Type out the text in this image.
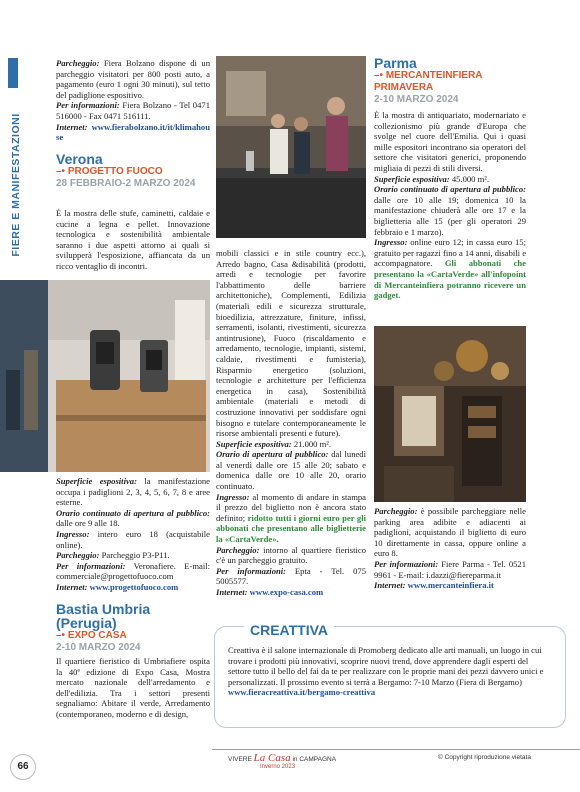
FIERE E MANIFESTAZIONI

Parcheggio: Fiera Bolzano dispone di un parcheggio visitatori per 800 posti auto, a pagamento (euro 1 ogni 30 minuti), sul tetto del padiglione espositivo.

Per informazioni: Fiera Bolzano - Tel 0471 516000 - Fax 0471 516111.

Internet: www.fierabolzano.it/it/klimahouse

Verona
–• PROGETTO FUOCO
28 FEBBRAIO-2 MARZO 2024

È la mostra delle stufe, caminetti, caldaie e cucine a legna e pellet. Innovazione tecnologica e sostenibilità ambientale saranno i due aspetti attorno ai quali si svilupperà l'esposizione, affiancata da un ricco ventaglio di incontri.

Superficie espositiva: la manifestazione occupa i padiglioni 2, 3, 4, 5, 6, 7, 8 e aree esterne.

Orario continuato di apertura al pubblico: dalle ore 9 alle 18.

Ingresso: intero euro 18 (acquistabile online).

Parcheggio: Parcheggio P3-P11.

Per informazioni: Veronafiere. E-mail: commerciale@progettofuoco.com

Internet: www.progettofuoco.com

Bastia Umbria (Perugia)
–• EXPO CASA
2-10 MARZO 2024

Il quartiere fieristico di Umbriafiere ospita la 40ª edizione di Expo Casa, Mostra mercato nazionale dell'arredamento e dell'edilizia. Tra i settori presenti segnaliamo: Abitare il verde, Arredamento (contemporaneo, moderno e di design,

mobili classici e in stile country ecc.), Arredo bagno, Casa &disabilità (prodotti, arredi e tecnologie per favorire l'abbattimento delle barriere architettoniche), Complementi, Edilizia (materiali edili e sicurezza strutturale, bioedilizia, attrezzature, finiture, infissi, serramenti, isolanti, rivestimenti, sicurezza antintrusione), Fuoco (riscaldamento e arredamento, tecnologie, impianti, sistemi, caldaie, rivestimenti e fumisteria), Risparmio energetico (soluzioni, tecnologie e architetture per l'efficienza energetica in casa), Sostenibilità ambientale (materiali e metodi di costruzione innovativi per soddisfare ogni bisogno e tutelare contemporaneamente le risorse ambientali presenti e future).

Superficie espositiva: 21.000 m².

Orario di apertura al pubblico: dal lunedì al venerdì dalle ore 15 alle 20; sabato e domenica dalle ore 10 alle 20, orario continuato.

Ingresso: al momento di andare in stampa il prezzo del biglietto non è ancora stato definito; ridotto tutti i giorni euro per gli abbonati che presentano alle biglietterie la «CartaVerde».

Parcheggio: intorno al quartiere fieristico c'è un parcheggio gratuito.

Per informazioni: Epta - Tel. 075 5005577.

Internet: www.expo-casa.com

Parma
–• MERCANTEINFIERA PRIMAVERA
2-10 MARZO 2024

È la mostra di antiquariato, modernariato e collezionismo più grande d'Europa che svolge nel cuore dell'Emilia. Qui i quasi mille espositori incontrano sia operatori del settore che visitatori generici, proponendo migliaia di pezzi di stili diversi.

Superficie espositiva: 45.000 m².

Orario continuato di apertura al pubblico: dalle ore 10 alle 19; domenica 10 la manifestazione chiuderà alle ore 17 e la biglietteria alle 15 (per gli operatori 29 febbraio e 1 marzo).

Ingresso: online euro 12; in cassa euro 15; gratuito per ragazzi fino a 14 anni, disabili e accompagnatore. Gli abbonati che presentano la «CartaVerde» all'infopoint di Mercanteinfiera potranno ricevere un gadget.

Parcheggio: è possibile parcheggiare nelle parking area adibite e adiacenti ai padiglioni, acquistando il biglietto di euro 10 direttamente in cassa, oppure online a euro 8.

Per informazioni: Fiere Parma - Tel. 0521 9961 - E-mail: i.dazzi@fiereparma.it

Internet: www.mercanteinfiera.it

CREATTIVA

Creattiva è il salone internazionale di Promoberg dedicato alle arti manuali, un luogo in cui trovare i prodotti più innovativi, scoprire nuovi trend, dove apprendere dagli esperti del settore tutto il bello del fai da te per realizzare con le proprie mani dei pezzi davvero unici e personalizzati. Il prossimo evento si terrà a Bergamo: 7-10 Marzo (Fiera di Bergamo)

www.fieracreattiva.it/bergamo-creattiva

66
VIVERE La Casa in CAMPAGNA
Inverno 2023
© Copyright riproduzione vietata
